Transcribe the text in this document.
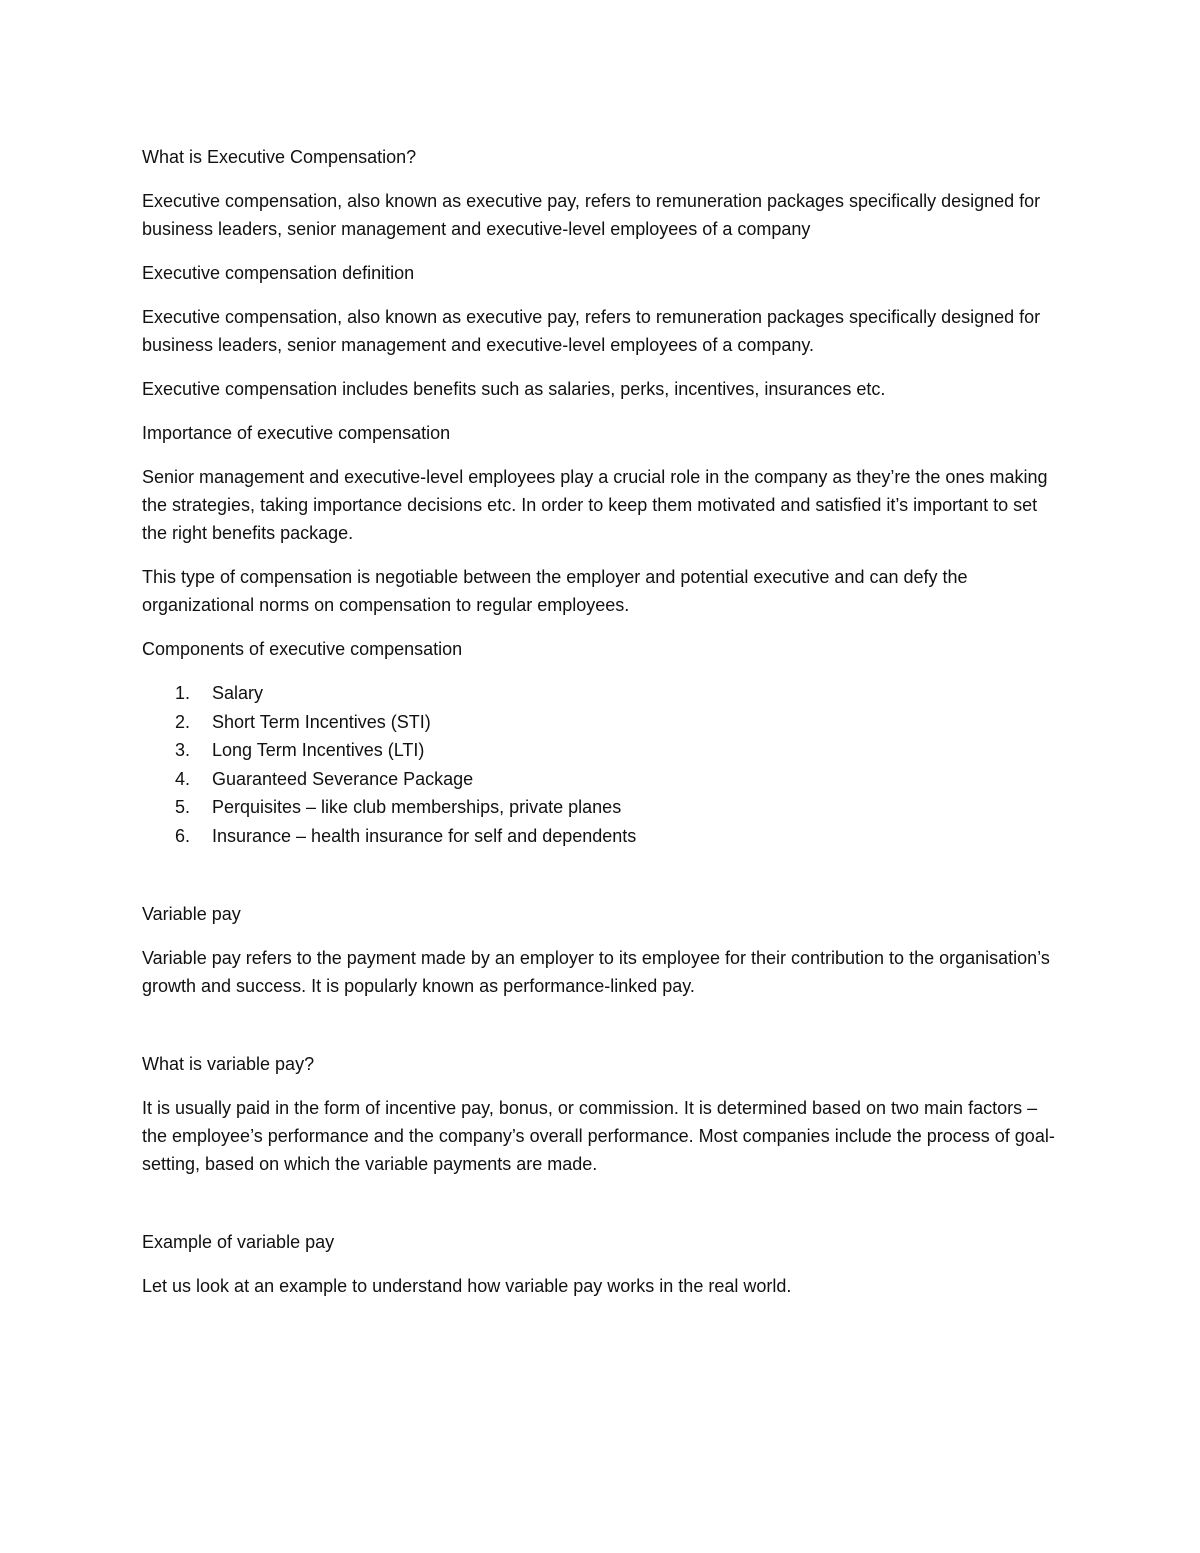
What is Executive Compensation?

Executive compensation, also known as executive pay, refers to remuneration packages specifically designed for business leaders, senior management and executive-level employees of a company

Executive compensation definition

Executive compensation, also known as executive pay, refers to remuneration packages specifically designed for business leaders, senior management and executive-level employees of a company.

Executive compensation includes benefits such as salaries, perks, incentives, insurances etc.

Importance of executive compensation

Senior management and executive-level employees play a crucial role in the company as they’re the ones making the strategies, taking importance decisions etc. In order to keep them motivated and satisfied it’s important to set the right benefits package.

This type of compensation is negotiable between the employer and potential executive and can defy the organizational norms on compensation to regular employees.

Components of executive compensation

1. Salary
2. Short Term Incentives (STI)
3. Long Term Incentives (LTI)
4. Guaranteed Severance Package
5. Perquisites – like club memberships, private planes
6. Insurance – health insurance for self and dependents

Variable pay

Variable pay refers to the payment made by an employer to its employee for their contribution to the organisation’s growth and success. It is popularly known as performance-linked pay.

What is variable pay?

It is usually paid in the form of incentive pay, bonus, or commission. It is determined based on two main factors – the employee’s performance and the company’s overall performance. Most companies include the process of goal-setting, based on which the variable payments are made.

Example of variable pay

Let us look at an example to understand how variable pay works in the real world.
